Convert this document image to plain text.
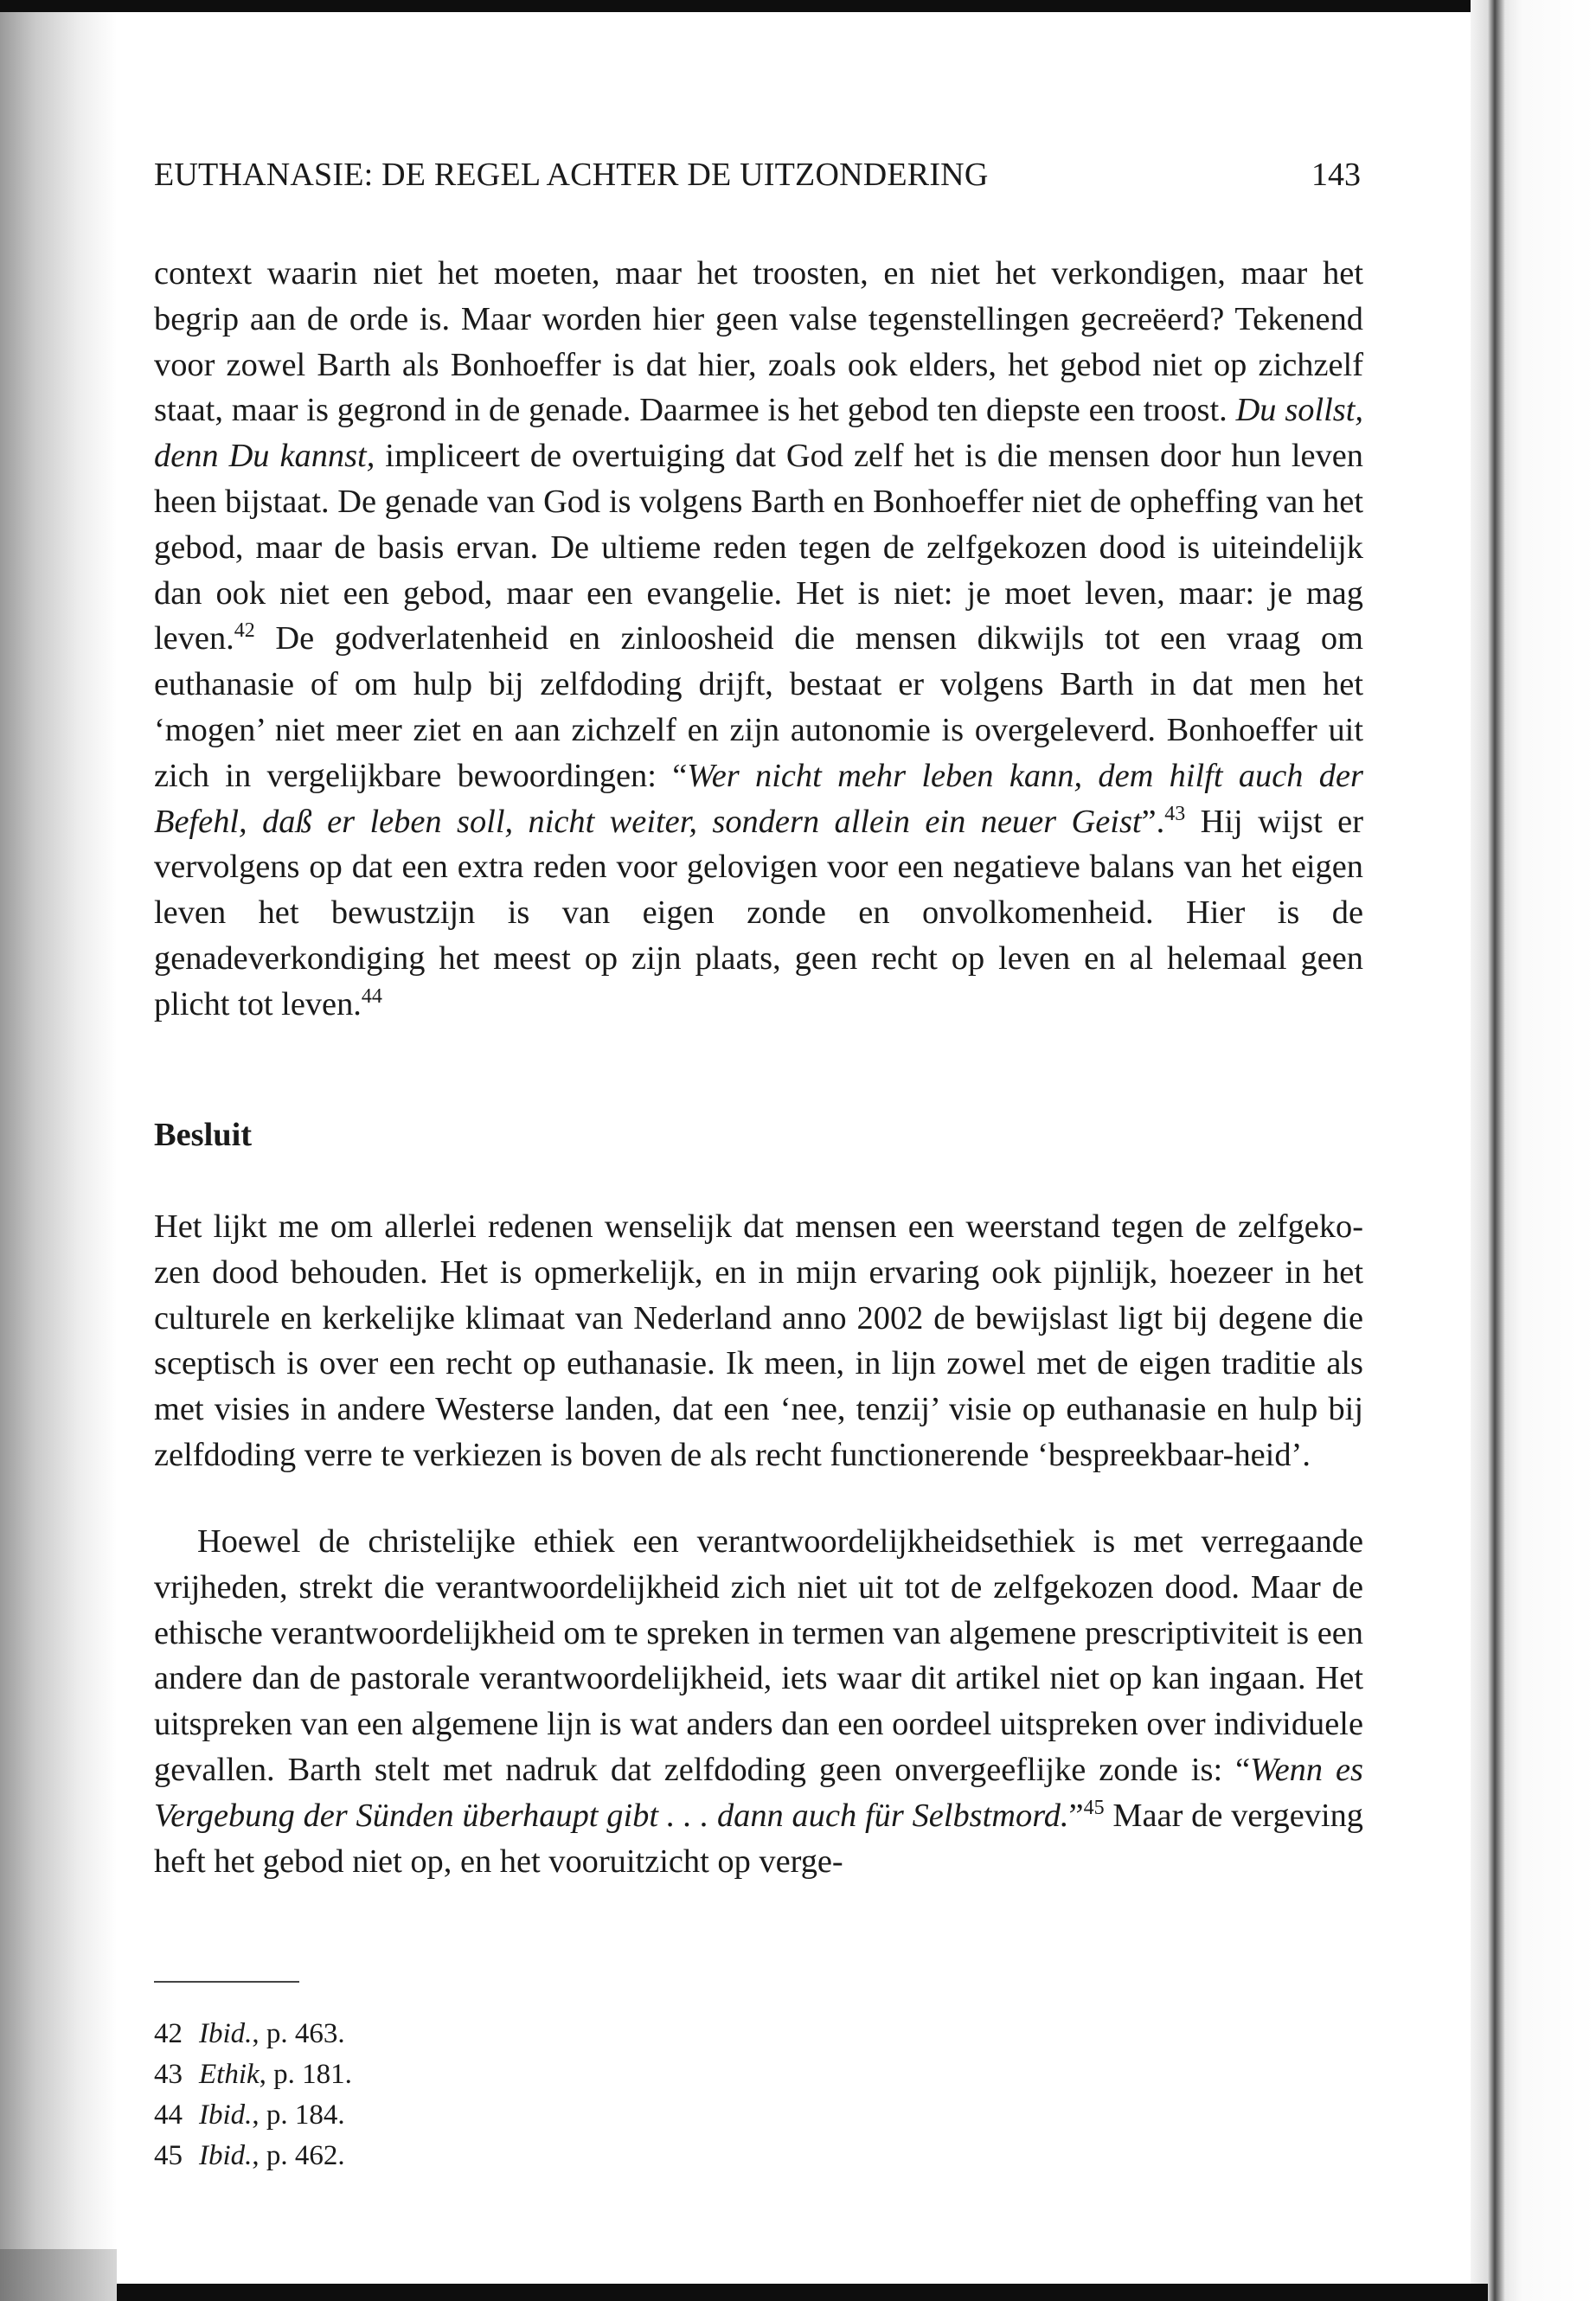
EUTHANASIE: DE REGEL ACHTER DE UITZONDERING	143

context waarin niet het moeten, maar het troosten, en niet het verkondigen, maar het begrip aan de orde is. Maar worden hier geen valse tegenstellingen gecreëerd? Tekenend voor zowel Barth als Bonhoeffer is dat hier, zoals ook elders, het gebod niet op zichzelf staat, maar is gegrond in de genade. Daarmee is het gebod ten diepste een troost. Du sollst, denn Du kannst, impliceert de overtuiging dat God zelf het is die mensen door hun leven heen bijstaat. De genade van God is volgens Barth en Bonhoeffer niet de opheffing van het gebod, maar de basis ervan. De ultieme reden tegen de zelfgekozen dood is uiteindelijk dan ook niet een gebod, maar een evangelie. Het is niet: je moet leven, maar: je mag leven.$^{42}$ De godverlatenheid en zinloosheid die mensen dikwijls tot een vraag om euthanasie of om hulp bij zelfdoding drijft, bestaat er volgens Barth in dat men het ‘mogen’ niet meer ziet en aan zichzelf en zijn autonomie is overgeleverd. Bonhoeffer uit zich in vergelijkbare bewoordingen: “Wer nicht mehr leben kann, dem hilft auch der Befehl, daß er leben soll, nicht weiter, sondern allein ein neuer Geist”.$^{43}$ Hij wijst er vervolgens op dat een extra reden voor gelovigen voor een negatieve balans van het eigen leven het bewustzijn is van eigen zonde en onvolkomenheid. Hier is de genadeverkondiging het meest op zijn plaats, geen recht op leven en al helemaal geen plicht tot leven.$^{44}$

Besluit

Het lijkt me om allerlei redenen wenselijk dat mensen een weerstand tegen de zelfgeko-zen dood behouden. Het is opmerkelijk, en in mijn ervaring ook pijnlijk, hoezeer in het culturele en kerkelijke klimaat van Nederland anno 2002 de bewijslast ligt bij degene die sceptisch is over een recht op euthanasie. Ik meen, in lijn zowel met de eigen traditie als met visies in andere Westerse landen, dat een ‘nee, tenzij’ visie op euthanasie en hulp bij zelfdoding verre te verkiezen is boven de als recht functionerende ‘bespreekbaar-heid’.

Hoewel de christelijke ethiek een verantwoordelijkheidsethiek is met verregaande vrijheden, strekt die verantwoordelijkheid zich niet uit tot de zelfgekozen dood. Maar de ethische verantwoordelijkheid om te spreken in termen van algemene prescriptiviteit is een andere dan de pastorale verantwoordelijkheid, iets waar dit artikel niet op kan ingaan. Het uitspreken van een algemene lijn is wat anders dan een oordeel uitspreken over individuele gevallen. Barth stelt met nadruk dat zelfdoding geen onvergeeflijke zonde is: “Wenn es Vergebung der Sünden überhaupt gibt . . . dann auch für Selbstmord.”$^{45}$ Maar de vergeving heft het gebod niet op, en het vooruitzicht op verge-

42 Ibid., p. 463.
43 Ethik, p. 181.
44 Ibid., p. 184.
45 Ibid., p. 462.
